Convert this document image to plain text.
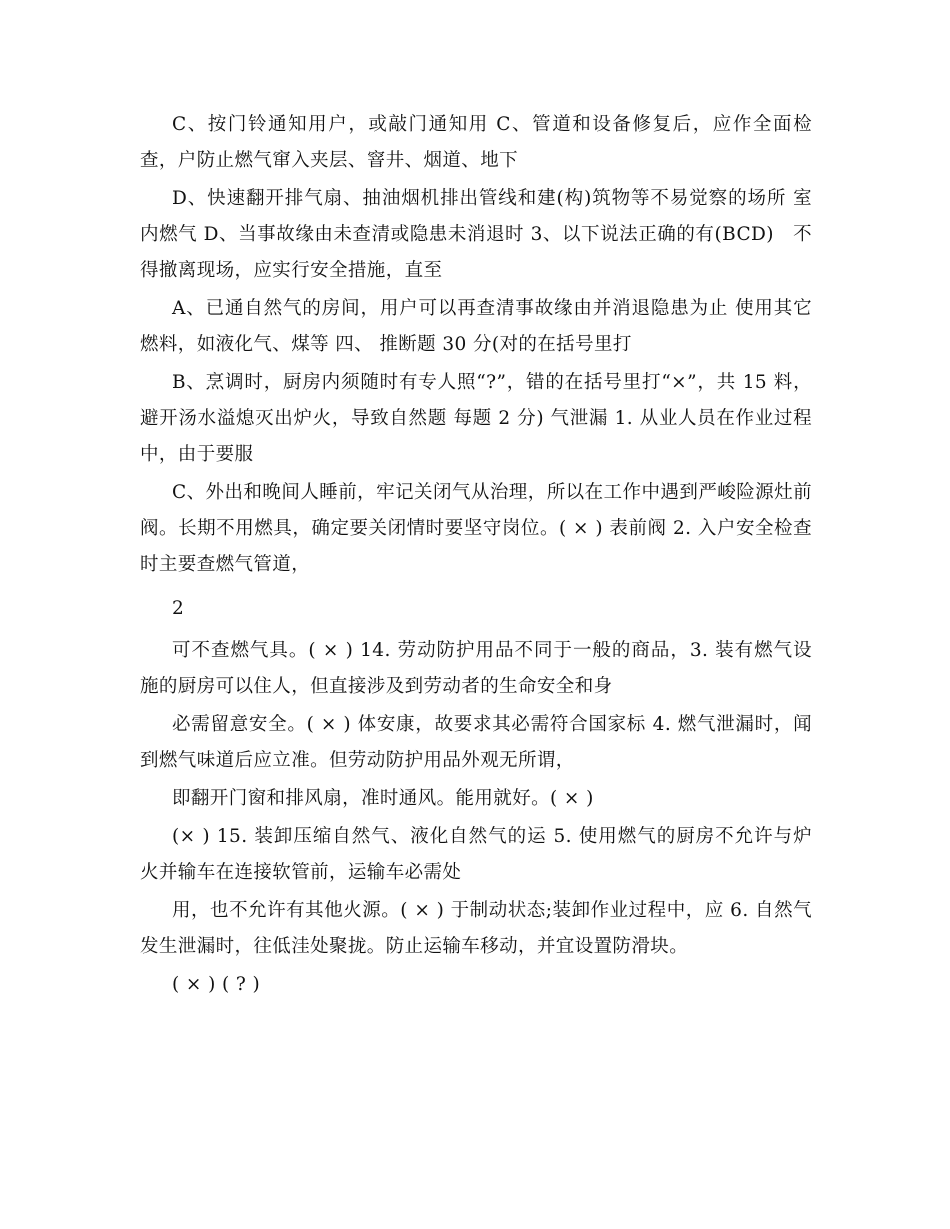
C、按门铃通知用户，或敲门通知用 C、管道和设备修复后，应作全面检查，户防止燃气窜入夹层、窨井、烟道、地下

D、快速翻开排气扇、抽油烟机排出管线和建(构)筑物等不易觉察的场所 室内燃气 D、当事故缘由未查清或隐患未消退时 3、以下说法正确的有(BCD)　不得撤离现场，应实行安全措施，直至

A、已通自然气的房间，用户可以再查清事故缘由并消退隐患为止 使用其它燃料，如液化气、煤等 四、 推断题 30 分(对的在括号里打

B、烹调时，厨房内须随时有专人照“?”，错的在括号里打“×”，共 15 料，避开汤水溢熄灭出炉火，导致自然题 每题 2 分) 气泄漏 1. 从业人员在作业过程中，由于要服

C、外出和晚间人睡前，牢记关闭气从治理，所以在工作中遇到严峻险源灶前阀。长期不用燃具，确定要关闭情时要坚守岗位。( × ) 表前阀 2. 入户安全检查时主要查燃气管道，

2

可不查燃气具。( × ) 14. 劳动防护用品不同于一般的商品，3. 装有燃气设施的厨房可以住人，但直接涉及到劳动者的生命安全和身

必需留意安全。( × ) 体安康，故要求其必需符合国家标 4. 燃气泄漏时，闻到燃气味道后应立准。但劳动防护用品外观无所谓，

即翻开门窗和排风扇，准时通风。能用就好。( × )

(× ) 15. 装卸压缩自然气、液化自然气的运 5. 使用燃气的厨房不允许与炉火并输车在连接软管前，运输车必需处

用，也不允许有其他火源。( × ) 于制动状态;装卸作业过程中，应 6. 自然气发生泄漏时，往低洼处聚拢。防止运输车移动，并宜设置防滑块。

( × ) ( ? )
